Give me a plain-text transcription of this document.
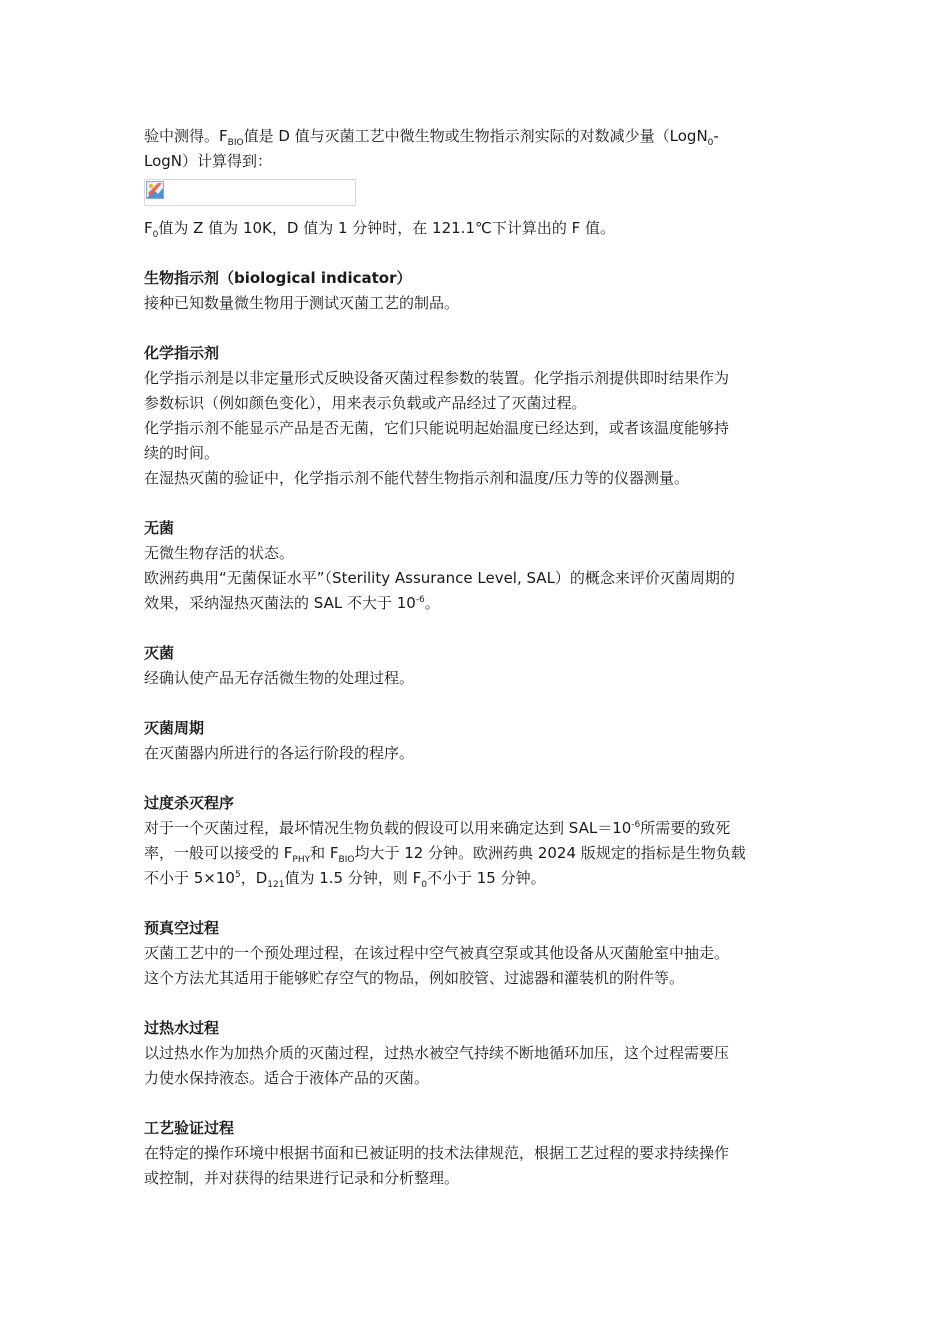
验中测得。$F_{BIO}$值是 D 值与灭菌工艺中微生物或生物指示剂实际的对数减少量（LogN$_0$-

LogN）计算得到：

$F_0$值为 Z 值为 10K，D 值为 1 分钟时，在 121.1℃下计算出的 F 值。

生物指示剂（biological indicator）

接种已知数量微生物用于测试灭菌工艺的制品。

化学指示剂

化学指示剂是以非定量形式反映设备灭菌过程参数的装置。化学指示剂提供即时结果作为

参数标识（例如颜色变化），用来表示负载或产品经过了灭菌过程。

化学指示剂不能显示产品是否无菌，它们只能说明起始温度已经达到，或者该温度能够持

续的时间。

在湿热灭菌的验证中，化学指示剂不能代替生物指示剂和温度/压力等的仪器测量。

无菌

无微生物存活的状态。

欧洲药典用“无菌保证水平”（Sterility Assurance Level, SAL）的概念来评价灭菌周期的

效果，采纳湿热灭菌法的 SAL 不大于 $10^{-6}$。

灭菌

经确认使产品无存活微生物的处理过程。

灭菌周期

在灭菌器内所进行的各运行阶段的程序。

过度杀灭程序

对于一个灭菌过程，最坏情况生物负载的假设可以用来确定达到 $SAL=10^{-6}$所需要的致死

率，一般可以接受的 $F_{PHY}$和 $F_{BIO}$均大于 12 分钟。欧洲药典 2024 版规定的指标是生物负载

不小于 $5\times 10^5$，$D_{121}$值为 1.5 分钟，则 $F_0$不小于 15 分钟。

预真空过程

灭菌工艺中的一个预处理过程，在该过程中空气被真空泵或其他设备从灭菌舱室中抽走。

这个方法尤其适用于能够贮存空气的物品，例如胶管、过滤器和灌装机的附件等。

过热水过程

以过热水作为加热介质的灭菌过程，过热水被空气持续不断地循环加压，这个过程需要压

力使水保持液态。适合于液体产品的灭菌。

工艺验证过程

在特定的操作环境中根据书面和已被证明的技术法律规范，根据工艺过程的要求持续操作

或控制，并对获得的结果进行记录和分析整理。
